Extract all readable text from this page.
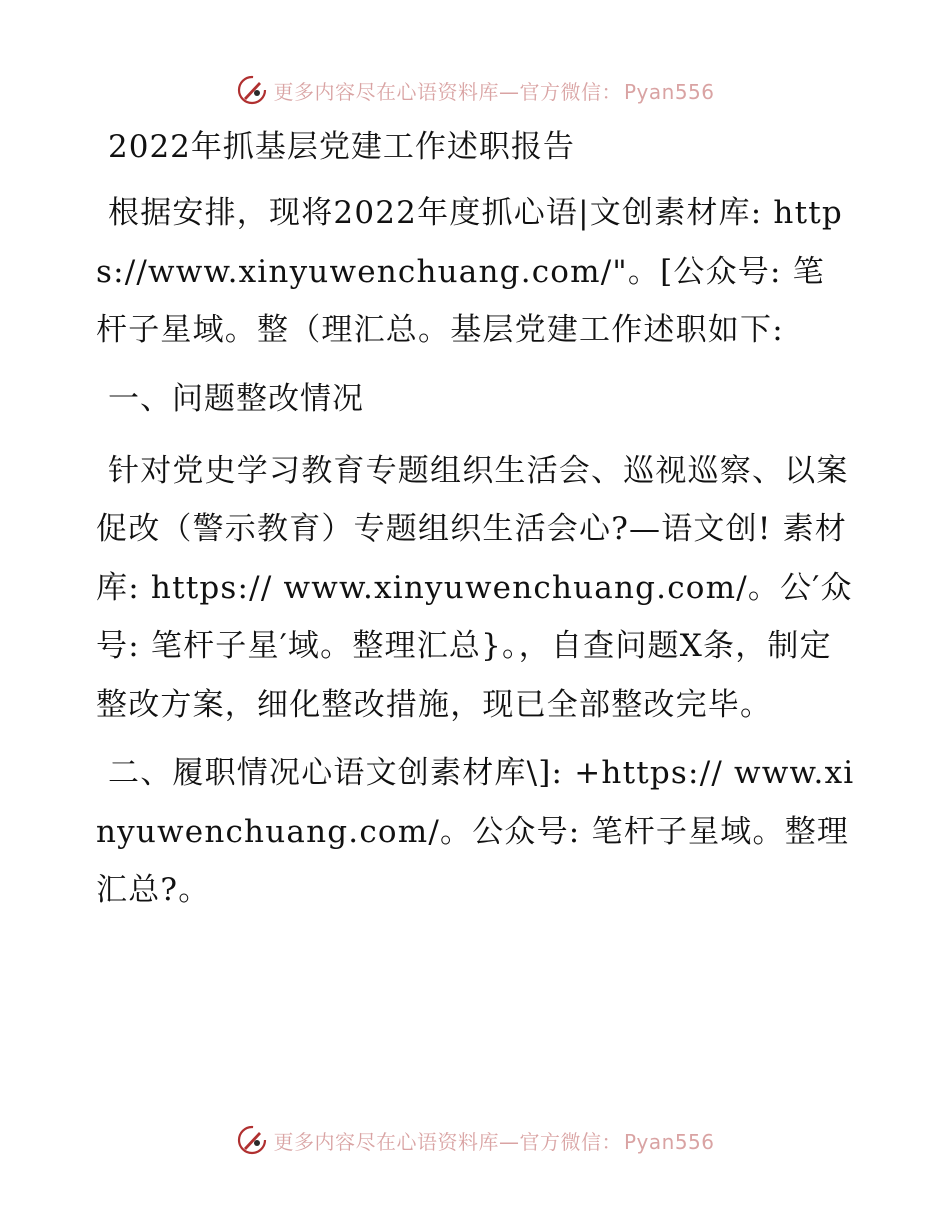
更多内容尽在心语资料库—官方微信： Pyan556
2022年抓基层党建工作述职报告
根据安排，现将2022年度抓心语|文创素材库: https://www.xinyuwenchuang.com/"。[公众号: 笔杆子星域。整（理汇总。基层党建工作述职如下:
一、问题整改情况
针对党史学习教育专题组织生活会、巡视巡察、以案促改（警示教育）专题组织生活会心?—语文创! 素材库: https:// www.xinyuwenchuang.com/。公′众号: 笔杆子星′域。整理汇总}。，自查问题X条，制定整改方案，细化整改措施，现已全部整改完毕。
二、履职情况心语文创素材库\]: +https:// www.xinyuwenchuang.com/。公众号: 笔杆子星域。整理汇总?。
更多内容尽在心语资料库—官方微信： Pyan556
